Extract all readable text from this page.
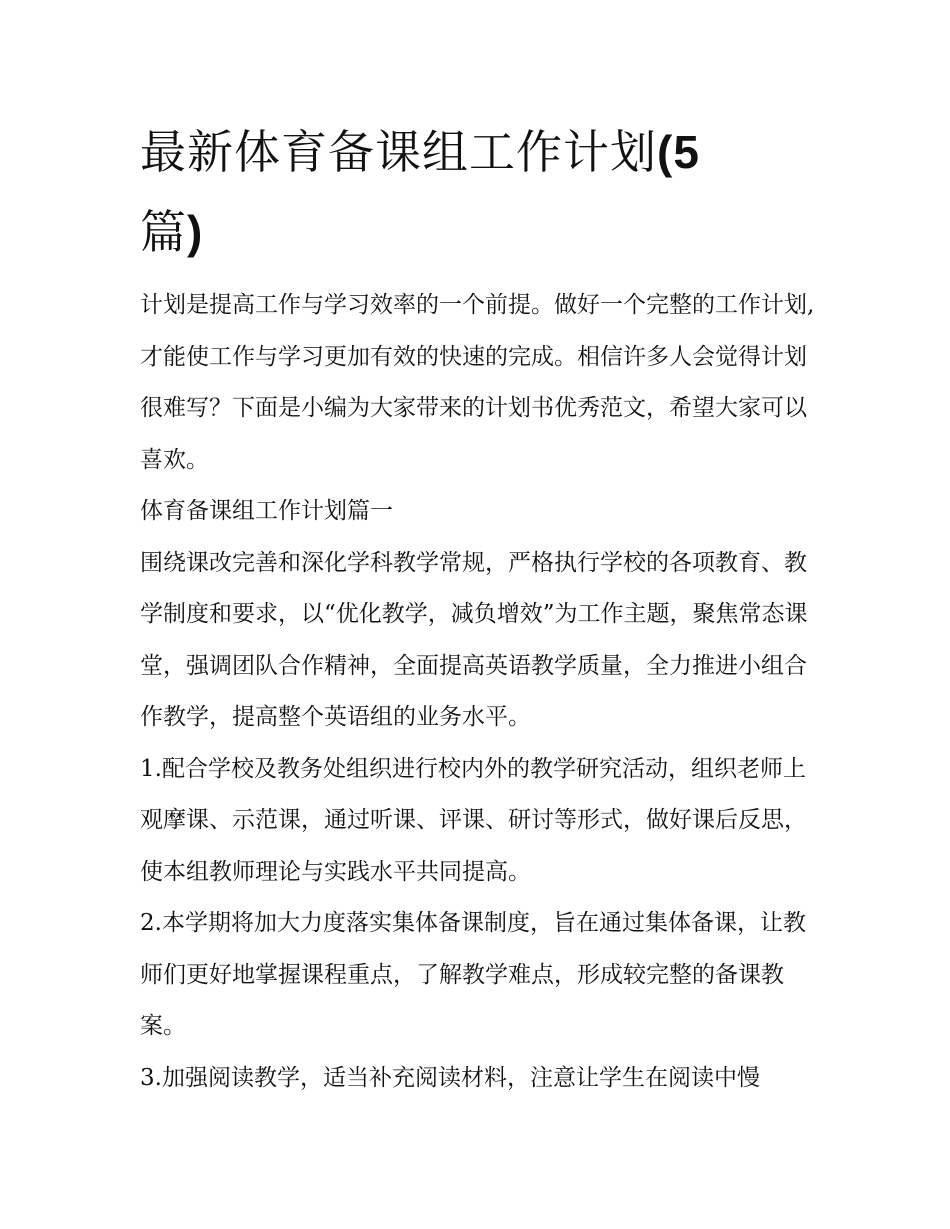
最新体育备课组工作计划(5
篇)

计划是提高工作与学习效率的一个前提。做好一个完整的工作计划,才能使工作与学习更加有效的快速的完成。相信许多人会觉得计划很难写？下面是小编为大家带来的计划书优秀范文，希望大家可以喜欢。

体育备课组工作计划篇一

围绕课改完善和深化学科教学常规，严格执行学校的各项教育、教学制度和要求，以“优化教学，减负增效”为工作主题，聚焦常态课堂，强调团队合作精神，全面提高英语教学质量，全力推进小组合作教学，提高整个英语组的业务水平。

1.配合学校及教务处组织进行校内外的教学研究活动，组织老师上观摩课、示范课，通过听课、评课、研讨等形式，做好课后反思，使本组教师理论与实践水平共同提高。

2.本学期将加大力度落实集体备课制度，旨在通过集体备课，让教师们更好地掌握课程重点，了解教学难点，形成较完整的备课教案。

3.加强阅读教学，适当补充阅读材料，注意让学生在阅读中慢
